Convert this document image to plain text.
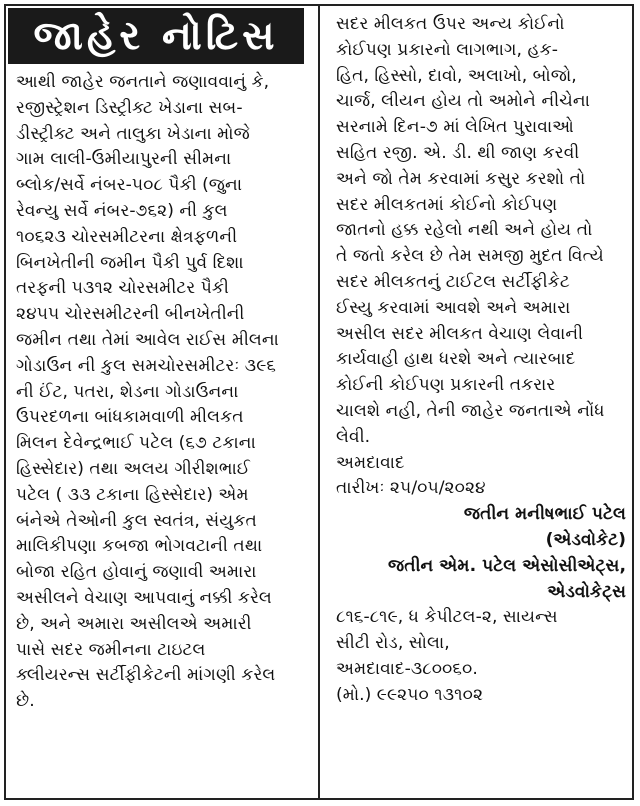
જાહેર નોટિસ
આથી જાહેર જનતાને જણાવવાનું કે,
રજીસ્ટ્રેશન ડિસ્ટ્રીક્ટ ખેડાના સબ-
ડીસ્ટ્રીક્ટ અને તાલુકા ખેડાના મોજે
ગામ લાલી-ઉમીયાપુરની સીમના
બ્લોક/સર્વે નંબર-૫૦૮ પૈકી (જુના
રેવન્યુ સર્વે નંબર-૭૬૨) ની કુલ
૧૦૬૨૩ ચોરસમીટરના ક્ષેત્રફળની
બિનખેતીની જમીન પૈકી પુર્વ દિશા
તરફની ૫૩૧૨ ચોરસમીટર પૈકી
૨૪૫૫ ચોરસમીટરની બીનખેતીની
જમીન તથા તેમાં આવેલ રાઈસ મીલના
ગોડાઉન ની કુલ સમચોરસમીટરઃ ૩૯૬
ની ઈંટ, પતરા, શેડના ગોડાઉનના
ઉપરદળના બાંધકામવાળી મીલકત
મિલન દેવેન્દ્રભાઈ પટેલ (૬૭ ટકાના
હિસ્સેદાર) તથા અલય ગીરીશભાઈ
પટેલ ( ૩૩ ટકાના હિસ્સેદાર) એમ
બંનેએ તેઓની કુલ સ્વતંત્ર, સંયુકત
માલિકીપણા કબજા ભોગવટાની તથા
બોજા રહિત હોવાનું જણાવી અમારા
અસીલને વેચાણ આપવાનું નક્કી કરેલ
છે, અને અમારા અસીલએ અમારી
પાસે સદર જમીનના ટાઇટલ
ક્લીયરન્સ સર્ટીફીકેટની માંગણી કરેલ
છે.
સદર મીલકત ઉપર અન્ય કોઈનો
કોઈપણ પ્રકારનો લાગભાગ, હક-
હિત, હિસ્સો, દાવો, અલાખો, બોજો,
ચાર્જ, લીયન હોય તો અમોને નીચેના
સરનામે દિન-૭ માં લેખિત પુરાવાઓ
સહિત રજી. એ. ડી. થી જાણ કરવી
અને જો તેમ કરવામાં કસુર કરશો તો
સદર મીલકતમાં કોઈનો કોઈપણ
જાતનો હક્ક રહેલો નથી અને હોય તો
તે જતો કરેલ છે તેમ સમજી મુદત વિત્યે
સદર મીલકતનું ટાઈટલ સર્ટીફીકેટ
ઈસ્યુ કરવામાં આવશે અને અમારા
અસીલ સદર મીલકત વેચાણ લેવાની
કાર્યવાહી હાથ ધરશે અને ત્યારબાદ
કોઈની કોઈપણ પ્રકારની તકરાર
ચાલશે નહી, તેની જાહેર જનતાએ નોંધ
લેવી.
અમદાવાદ
તારીખઃ ૨૫/૦૫/૨૦૨૪
જતીન મનીષભાઈ પટેલ
(એડવોકેટ)
જતીન એમ. પટેલ એસોસીએટ્સ,
એડવોકેટ્સ
૮૧૬-૮૧૯, ધ કેપીટલ-૨, સાયન્સ
સીટી રોડ, સોલા,
અમદાવાદ-૩૮૦૦૬૦.
(મો.) ૯૯૨૫૦ ૧૩૧૦૨
